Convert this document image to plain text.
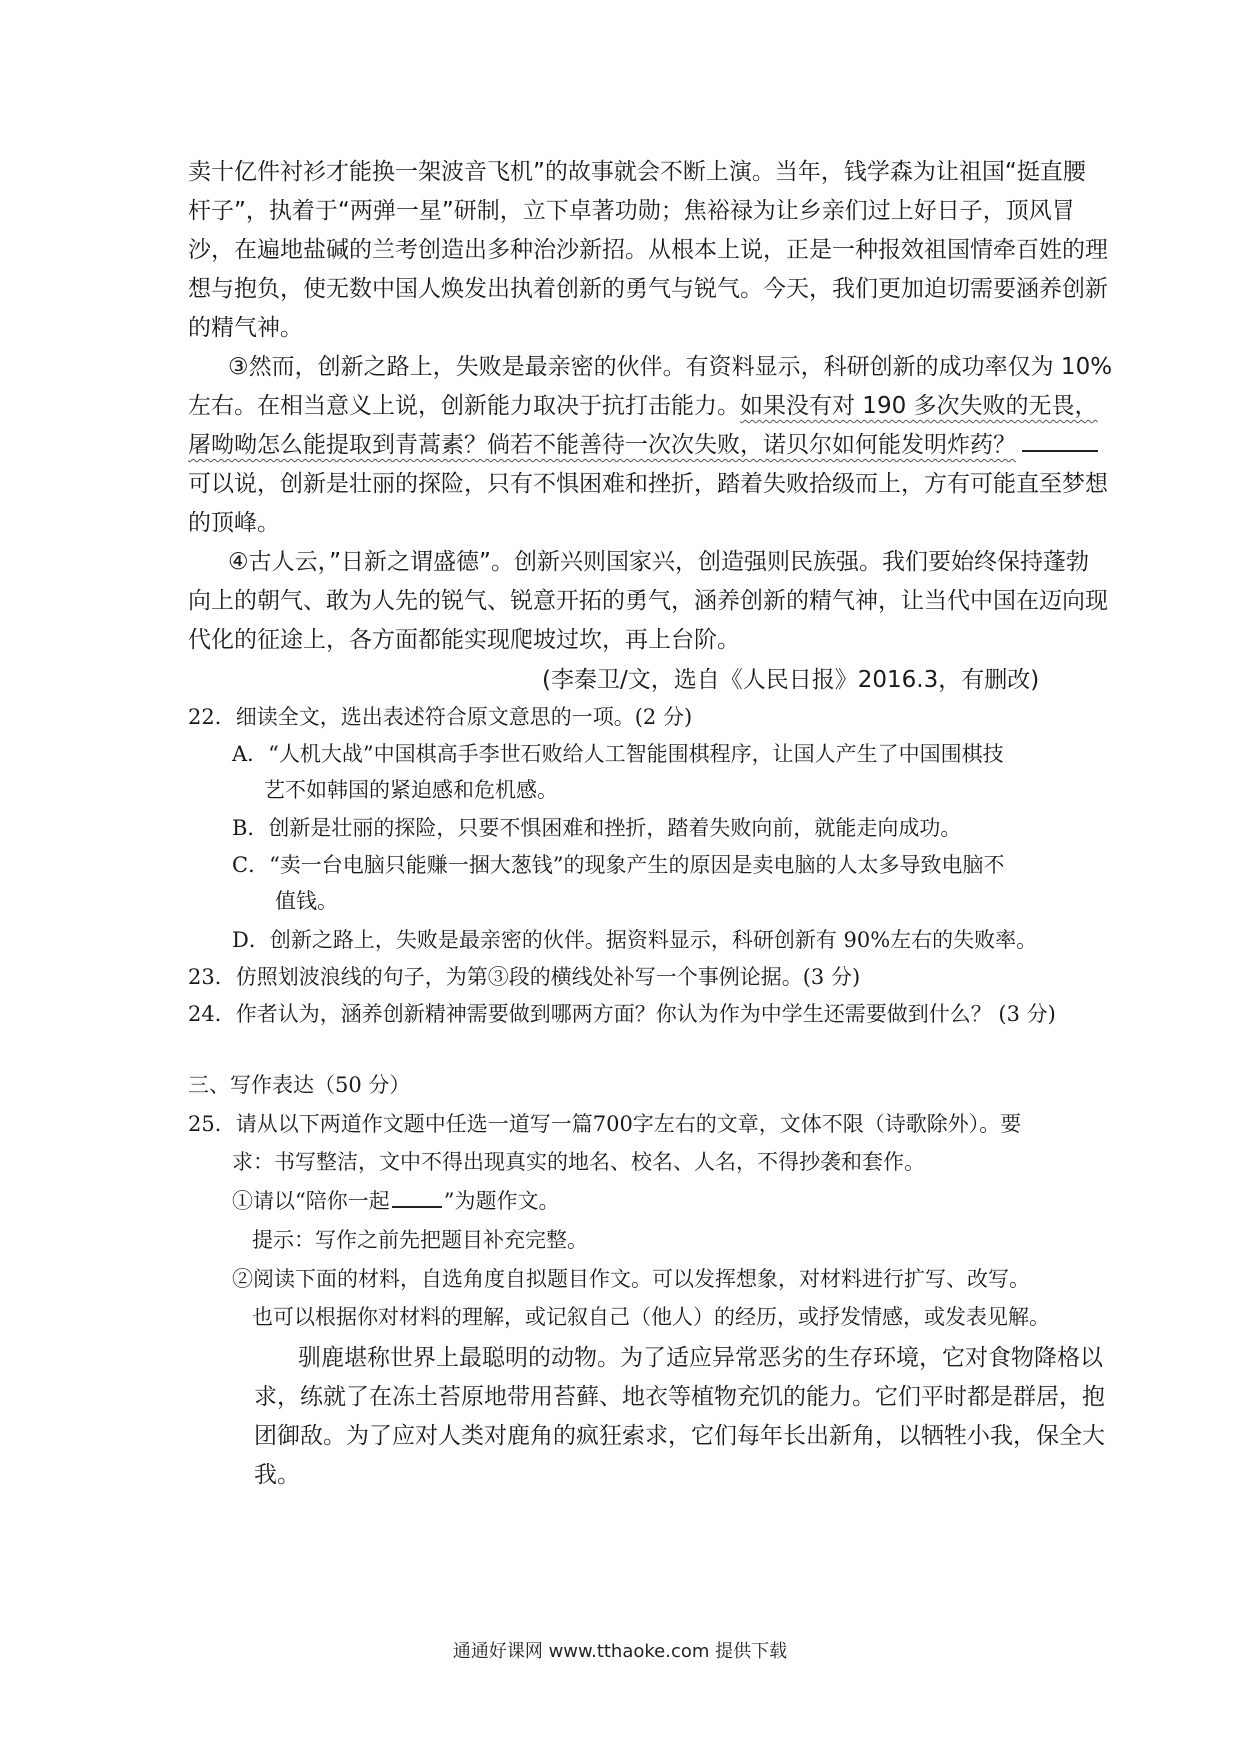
卖十亿件衬衫才能换一架波音飞机”的故事就会不断上演。当年，钱学森为让祖国“挺直腰

杆子”，执着于“两弹一星”研制，立下卓著功勋；焦裕禄为让乡亲们过上好日子，顶风冒

沙，在遍地盐碱的兰考创造出多种治沙新招。从根本上说，正是一种报效祖国情牵百姓的理

想与抱负，使无数中国人焕发出执着创新的勇气与锐气。今天，我们更加迫切需要涵养创新

的精气神。

③然而，创新之路上，失败是最亲密的伙伴。有资料显示，科研创新的成功率仅为 10%

左右。在相当意义上说，创新能力取决于抗打击能力。如果没有对 190 多次失败的无畏，

屠呦呦怎么能提取到青蒿素？倘若不能善待一次次失败，诺贝尔如何能发明炸药？

可以说，创新是壮丽的探险，只有不惧困难和挫折，踏着失败拾级而上，方有可能直至梦想

的顶峰。

④古人云，”日新之谓盛德”。创新兴则国家兴，创造强则民族强。我们要始终保持蓬勃

向上的朝气、敢为人先的锐气、锐意开拓的勇气，涵养创新的精气神，让当代中国在迈向现

代化的征途上，各方面都能实现爬坡过坎，再上台阶。

(李秦卫/文，选自《人民日报》2016.3，有删改)

22．细读全文，选出表述符合原文意思的一项。(2 分)

A．“人机大战”中国棋高手李世石败给人工智能围棋程序，让国人产生了中国围棋技

艺不如韩国的紧迫感和危机感。

B．创新是壮丽的探险，只要不惧困难和挫折，踏着失败向前，就能走向成功。

C．“卖一台电脑只能赚一捆大葱钱”的现象产生的原因是卖电脑的人太多导致电脑不

值钱。

D．创新之路上，失败是最亲密的伙伴。据资料显示，科研创新有 90%左右的失败率。

23．仿照划波浪线的句子，为第③段的横线处补写一个事例论据。(3 分)

24．作者认为，涵养创新精神需要做到哪两方面？你认为作为中学生还需要做到什么？ (3 分)

三、写作表达（50 分）

25．请从以下两道作文题中任选一道写一篇700字左右的文章，文体不限（诗歌除外）。要

求：书写整洁，文中不得出现真实的地名、校名、人名，不得抄袭和套作。

①请以“陪你一起	”为题作文。

提示：写作之前先把题目补充完整。

②阅读下面的材料，自选角度自拟题目作文。可以发挥想象，对材料进行扩写、改写。

也可以根据你对材料的理解，或记叙自己（他人）的经历，或抒发情感，或发表见解。

驯鹿堪称世界上最聪明的动物。为了适应异常恶劣的生存环境，它对食物降格以

求，练就了在冻土苔原地带用苔藓、地衣等植物充饥的能力。它们平时都是群居，抱

团御敌。为了应对人类对鹿角的疯狂索求，它们每年长出新角，以牺牲小我，保全大

我。

通通好课网 www.tthaoke.com 提供下载
